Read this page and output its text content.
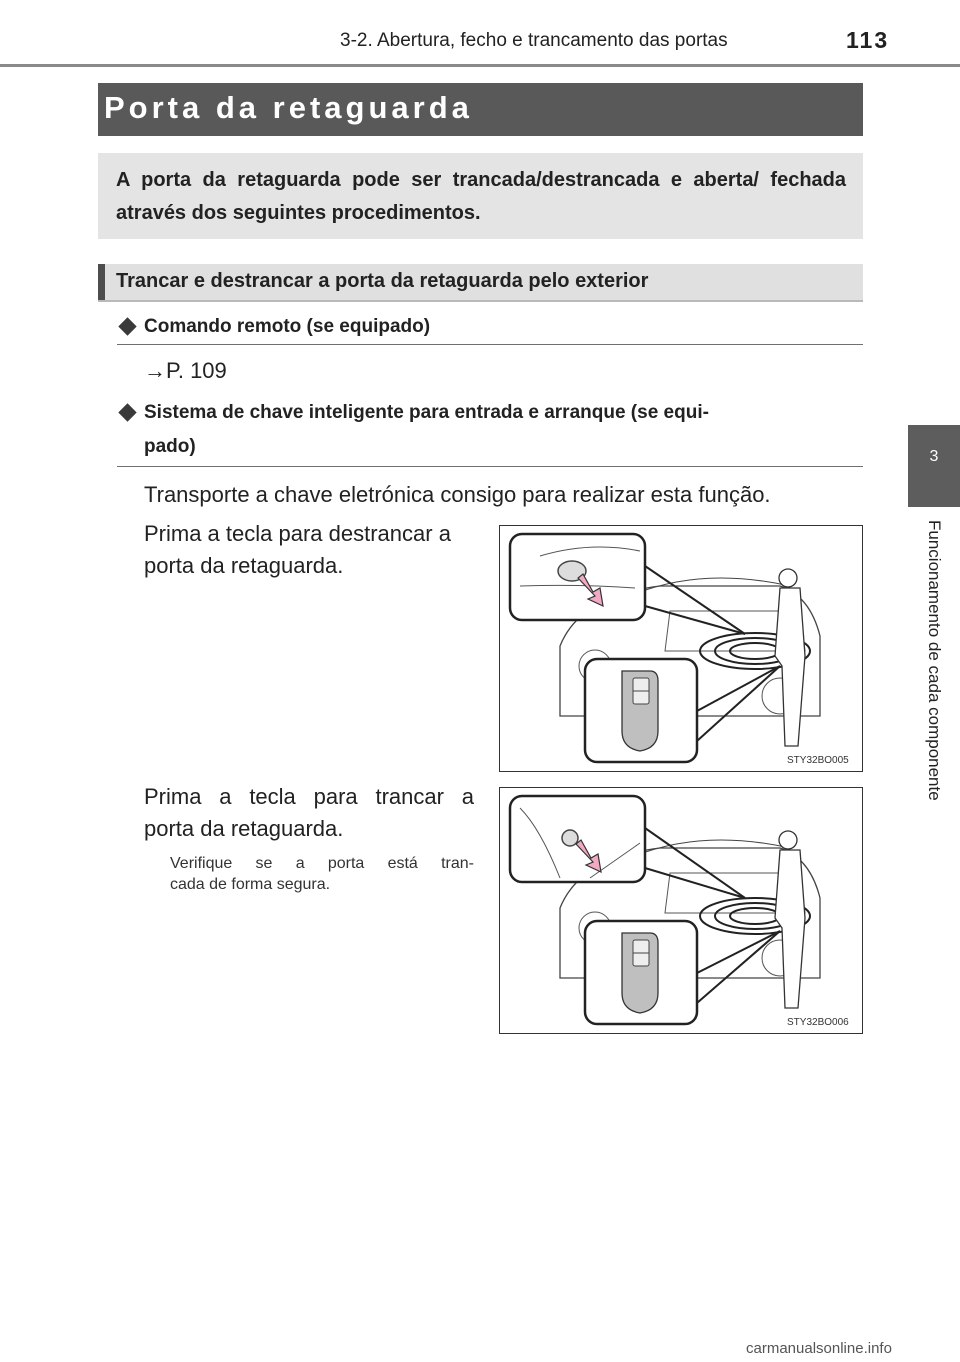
3-2. Abertura, fecho e trancamento das portas	113
3
Funcionamento de cada componente
Porta da retaguarda
A porta da retaguarda pode ser trancada/destrancada e aberta/ fechada através dos seguintes procedimentos.
Trancar e destrancar a porta da retaguarda pelo exterior
Comando remoto (se equipado)
→P. 109
Sistema de chave inteligente para entrada e arranque (se equi-
pado)
Transporte a chave eletrónica consigo para realizar esta função.
Prima a tecla para destrancar a
porta da retaguarda.
STY32BO005
Prima a tecla para trancar a
porta da retaguarda.
Verifique se a porta está tran-
cada de forma segura.
STY32BO006
carmanualsonline.info
